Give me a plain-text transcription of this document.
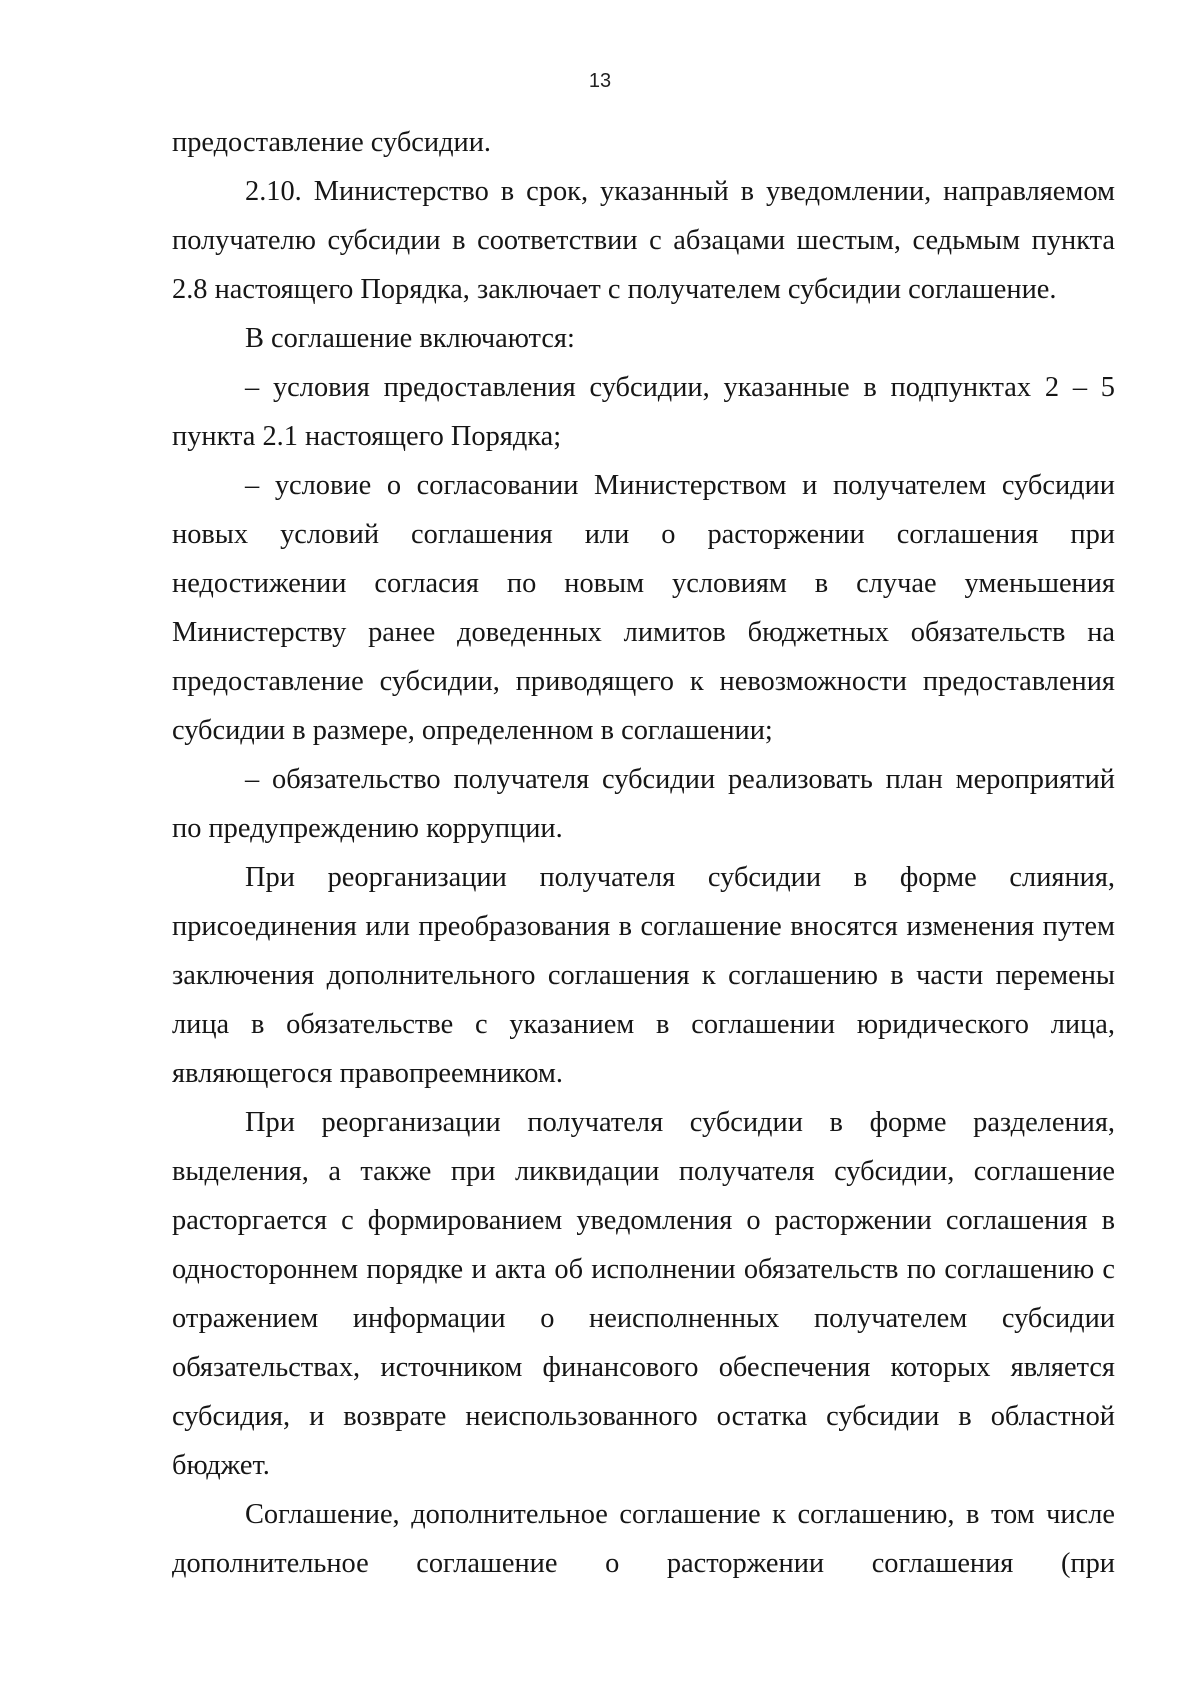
13

предоставление субсидии.

2.10. Министерство в срок, указанный в уведомлении, направляемом получателю субсидии в соответствии с абзацами шестым, седьмым пункта 2.8 настоящего Порядка, заключает с получателем субсидии соглашение.

В соглашение включаются:

– условия предоставления субсидии, указанные в подпунктах 2 – 5 пункта 2.1 настоящего Порядка;

– условие о согласовании Министерством и получателем субсидии новых условий соглашения или о расторжении соглашения при недостижении согласия по новым условиям в случае уменьшения Министерству ранее доведенных лимитов бюджетных обязательств на предоставление субсидии, приводящего к невозможности предоставления субсидии в размере, определенном в соглашении;

– обязательство получателя субсидии реализовать план мероприятий по предупреждению коррупции.

При реорганизации получателя субсидии в форме слияния, присоединения или преобразования в соглашение вносятся изменения путем заключения дополнительного соглашения к соглашению в части перемены лица в обязательстве с указанием в соглашении юридического лица, являющегося правопреемником.

При реорганизации получателя субсидии в форме разделения, выделения, а также при ликвидации получателя субсидии, соглашение расторгается с формированием уведомления о расторжении соглашения в одностороннем порядке и акта об исполнении обязательств по соглашению с отражением информации о неисполненных получателем субсидии обязательствах, источником финансового обеспечения которых является субсидия, и возврате неиспользованного остатка субсидии в областной бюджет.

Соглашение, дополнительное соглашение к соглашению, в том числе дополнительное соглашение о расторжении соглашения (при
